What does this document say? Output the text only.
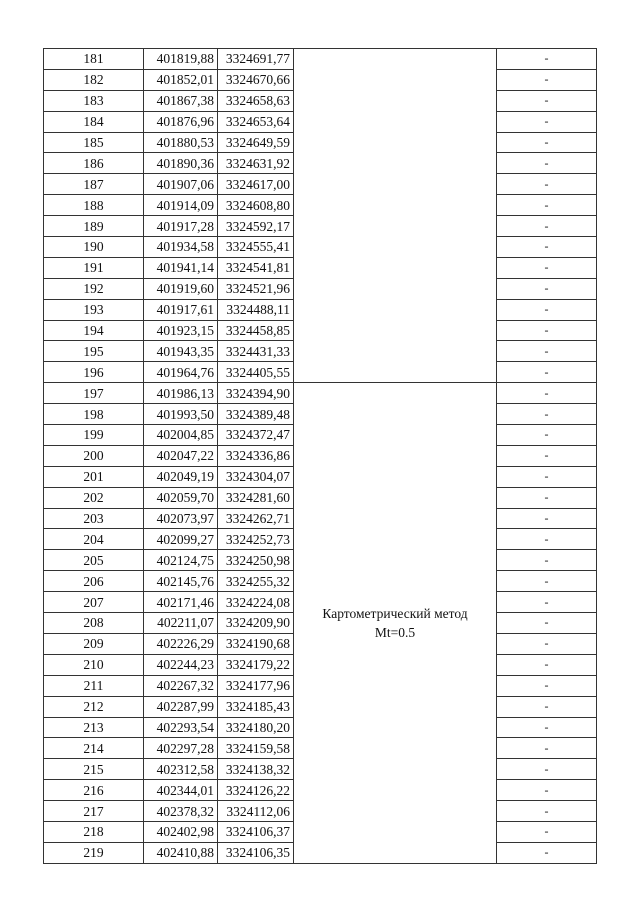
181	401819,88	3324691,77		-
182	401852,01	3324670,66		-
183	401867,38	3324658,63		-
184	401876,96	3324653,64		-
185	401880,53	3324649,59		-
186	401890,36	3324631,92		-
187	401907,06	3324617,00		-
188	401914,09	3324608,80		-
189	401917,28	3324592,17		-
190	401934,58	3324555,41		-
191	401941,14	3324541,81		-
192	401919,60	3324521,96		-
193	401917,61	3324488,11		-
194	401923,15	3324458,85		-
195	401943,35	3324431,33		-
196	401964,76	3324405,55		-
197	401986,13	3324394,90	Картометрический метод
Mt=0.5	-
198	401993,50	3324389,48		-
199	402004,85	3324372,47		-
200	402047,22	3324336,86		-
201	402049,19	3324304,07		-
202	402059,70	3324281,60		-
203	402073,97	3324262,71		-
204	402099,27	3324252,73		-
205	402124,75	3324250,98		-
206	402145,76	3324255,32		-
207	402171,46	3324224,08		-
208	402211,07	3324209,90		-
209	402226,29	3324190,68		-
210	402244,23	3324179,22		-
211	402267,32	3324177,96		-
212	402287,99	3324185,43		-
213	402293,54	3324180,20		-
214	402297,28	3324159,58		-
215	402312,58	3324138,32		-
216	402344,01	3324126,22		-
217	402378,32	3324112,06		-
218	402402,98	3324106,37		-
219	402410,88	3324106,35		-
